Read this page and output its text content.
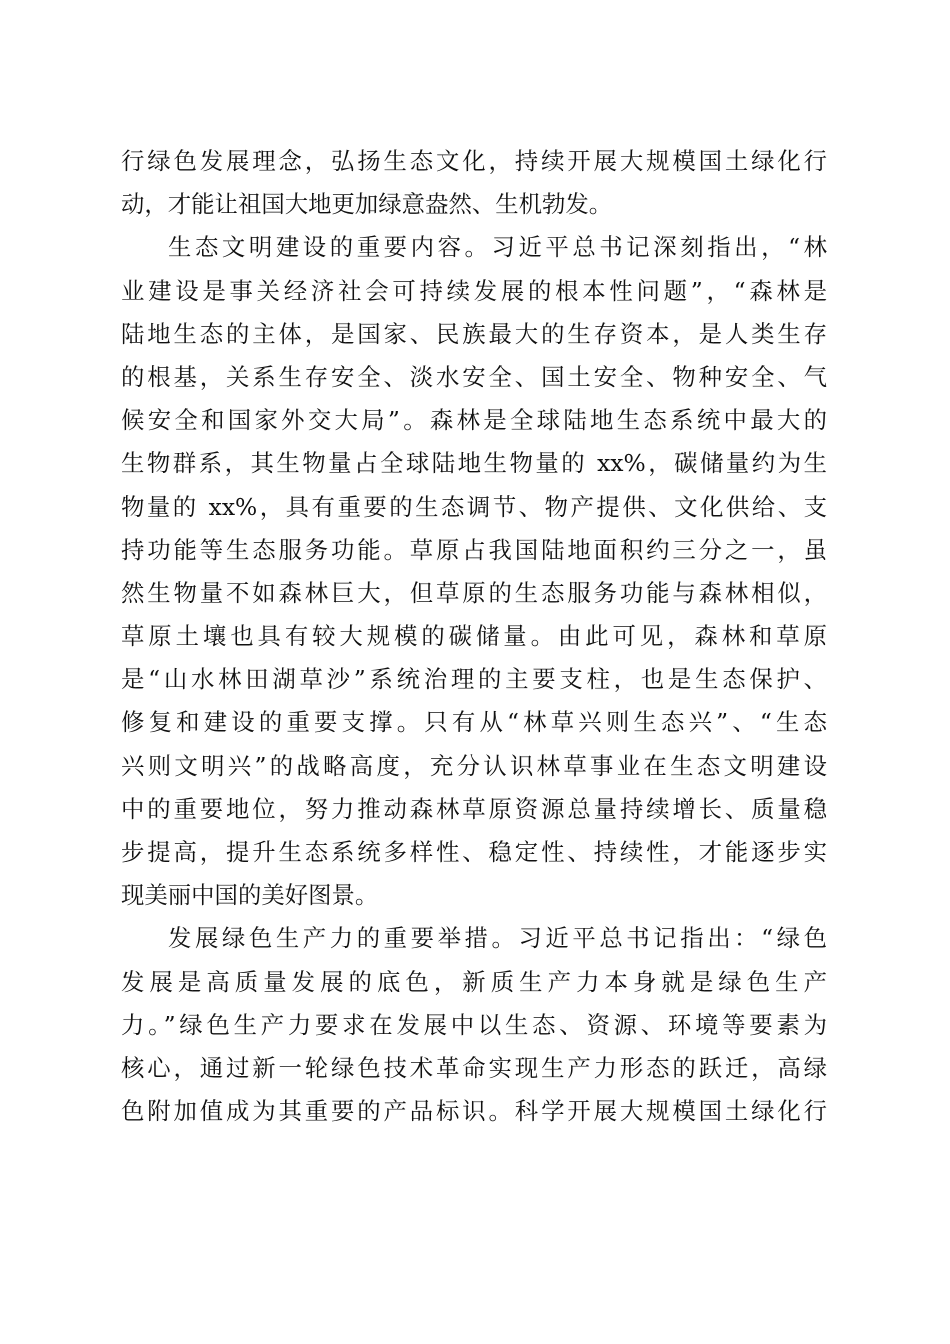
行绿色发展理念，弘扬生态文化，持续开展大规模国土绿化行
动，才能让祖国大地更加绿意盎然、生机勃发。
生态文明建设的重要内容。习近平总书记深刻指出，“林
业建设是事关经济社会可持续发展的根本性问题”，“森林是
陆地生态的主体，是国家、民族最大的生存资本，是人类生存
的根基，关系生存安全、淡水安全、国土安全、物种安全、气
候安全和国家外交大局”。森林是全球陆地生态系统中最大的
生物群系，其生物量占全球陆地生物量的 xx%，碳储量约为生
物量的 xx%，具有重要的生态调节、物产提供、文化供给、支
持功能等生态服务功能。草原占我国陆地面积约三分之一，虽
然生物量不如森林巨大，但草原的生态服务功能与森林相似，
草原土壤也具有较大规模的碳储量。由此可见，森林和草原
是“山水林田湖草沙”系统治理的主要支柱，也是生态保护、
修复和建设的重要支撑。只有从“林草兴则生态兴”、“生态
兴则文明兴”的战略高度，充分认识林草事业在生态文明建设
中的重要地位，努力推动森林草原资源总量持续增长、质量稳
步提高，提升生态系统多样性、稳定性、持续性，才能逐步实
现美丽中国的美好图景。
发展绿色生产力的重要举措。习近平总书记指出：“绿色
发展是高质量发展的底色，新质生产力本身就是绿色生产
力。”绿色生产力要求在发展中以生态、资源、环境等要素为
核心，通过新一轮绿色技术革命实现生产力形态的跃迁，高绿
色附加值成为其重要的产品标识。科学开展大规模国土绿化行
